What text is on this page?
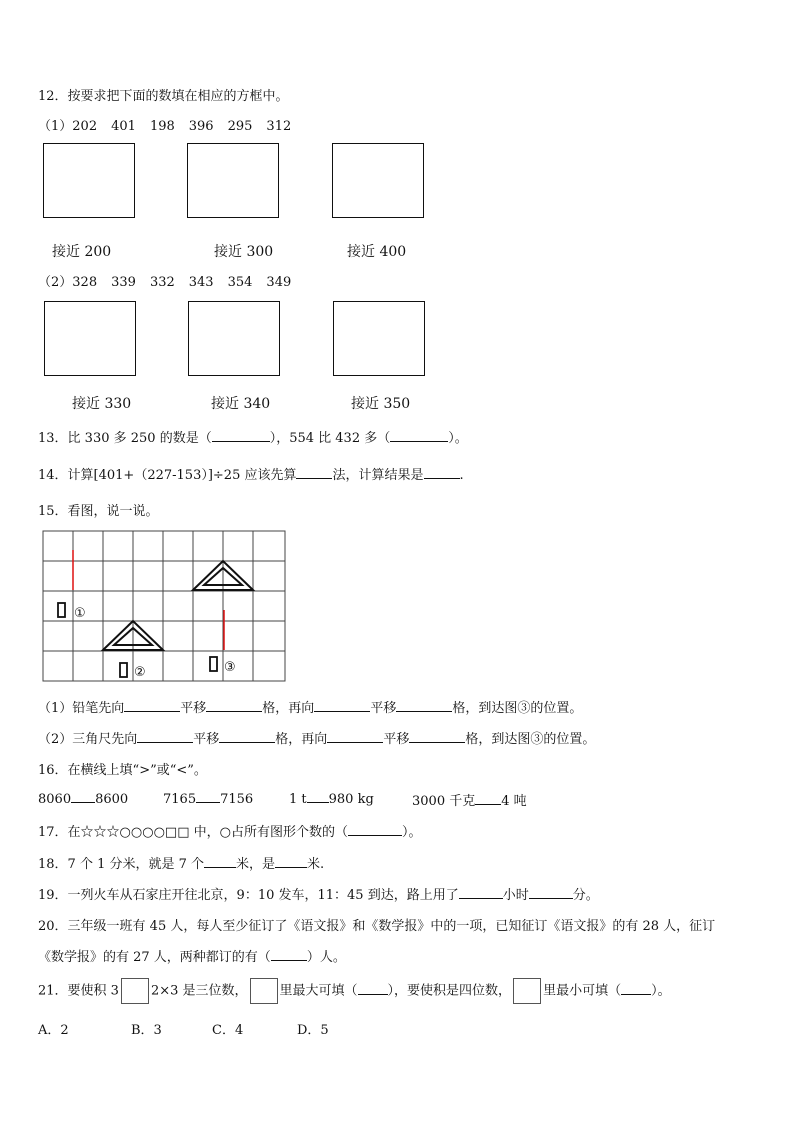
12．按要求把下面的数填在相应的方框中。
（1）202 401 198 396 295 312
接近 200	接近 300	接近 400
（2）328 339 332 343 354 349
接近 330	接近 340	接近 350
13．比 330 多 250 的数是（	），554 比 432 多（	）。
14．计算[401+（227-153）]÷25 应该先算	法，计算结果是	.
15．看图，说一说。
①
②	③
（1）铅笔先向	平移	格，再向	平移	格，到达图③的位置。
（2）三角尺先向	平移	格，再向	平移	格，到达图③的位置。
16．在横线上填“>”或“<”。
8060 8600	7165 7156	1 t 980 kg	3000 千克 4 吨
17．在☆☆☆○○○○□□ 中，○占所有图形个数的（	）。
18．7 个 1 分米，就是 7 个 米，是 米.
19．一列火车从石家庄开往北京，9：10 发车，11：45 到达，路上用了	小时	分。
20．三年级一班有 45 人，每人至少征订了《语文报》和《数学报》中的一项，已知征订《语文报》的有 28 人，征订
《数学报》的有 27 人，两种都订的有（	）人。
21．要使积 3 2×3 是三位数， 里最大可填（ ），要使积是四位数， 里最小可填（ ）。
A．2	B．3	C．4	D．5
